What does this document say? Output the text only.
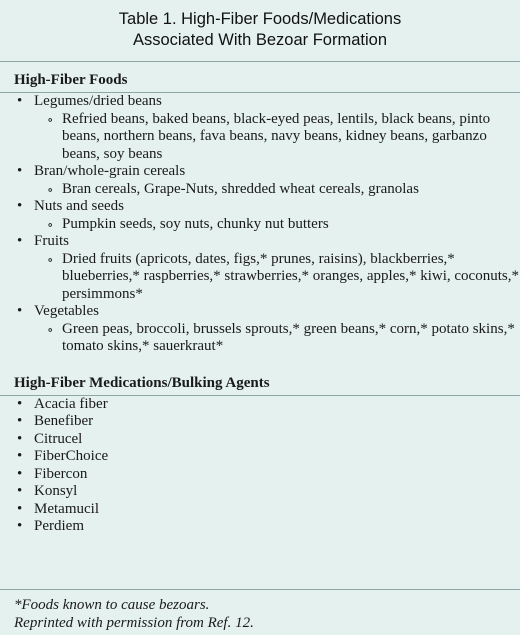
Table 1. High-Fiber Foods/Medications
Associated With Bezoar Formation
High-Fiber Foods
• Legumes/dried beans
∘ Refried beans, baked beans, black-eyed peas, lentils, black beans, pinto beans, northern beans, fava beans, navy beans, kidney beans, garbanzo beans, soy beans
• Bran/whole-grain cereals
∘ Bran cereals, Grape-Nuts, shredded wheat cereals, granolas
• Nuts and seeds
∘ Pumpkin seeds, soy nuts, chunky nut butters
• Fruits
∘ Dried fruits (apricots, dates, figs,* prunes, raisins), blackberries,* blueberries,* raspberries,* strawberries,* oranges, apples,* kiwi, coconuts,* persimmons*
• Vegetables
∘ Green peas, broccoli, brussels sprouts,* green beans,* corn,* potato skins,* tomato skins,* sauerkraut*
High-Fiber Medications/Bulking Agents
• Acacia fiber
• Benefiber
• Citrucel
• FiberChoice
• Fibercon
• Konsyl
• Metamucil
• Perdiem
*Foods known to cause bezoars.
Reprinted with permission from Ref. 12.
